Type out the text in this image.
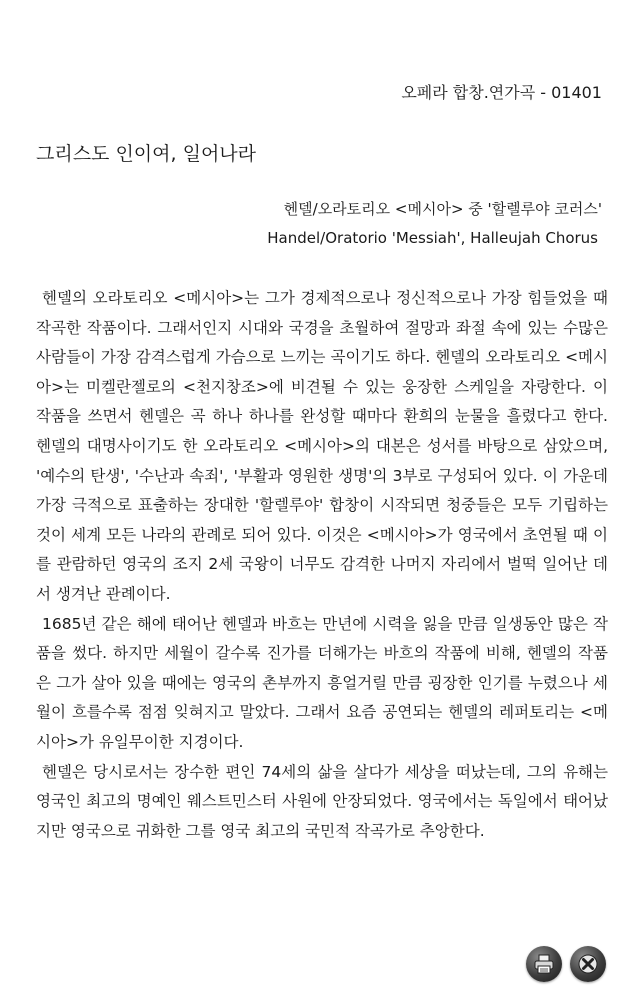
오페라 합창.연가곡 - 01401
그리스도 인이여, 일어나라
헨델/오라토리오 <메시아> 중 '할렐루야 코러스'
Handel/Oratorio 'Messiah', Halleujah Chorus

헨델의 오라토리오 <메시아>는 그가 경제적으로나 정신적으로나 가장 힘들었을 때 작곡한 작품이다. 그래서인지 시대와 국경을 초월하여 절망과 좌절 속에 있는 수많은 사람들이 가장 감격스럽게 가슴으로 느끼는 곡이기도 하다. 헨델의 오라토리오 <메시아>는 미켈란젤로의 <천지창조>에 비견될 수 있는 웅장한 스케일을 자랑한다. 이 작품을 쓰면서 헨델은 곡 하나 하나를 완성할 때마다 환희의 눈물을 흘렸다고 한다. 헨델의 대명사이기도 한 오라토리오 <메시아>의 대본은 성서를 바탕으로 삼았으며, '예수의 탄생', '수난과 속죄', '부활과 영원한 생명'의 3부로 구성되어 있다. 이 가운데 가장 극적으로 표출하는 장대한 '할렐루야' 합창이 시작되면 청중들은 모두 기립하는 것이 세계 모든 나라의 관례로 되어 있다. 이것은 <메시아>가 영국에서 초연될 때 이를 관람하던 영국의 조지 2세 국왕이 너무도 감격한 나머지 자리에서 벌떡 일어난 데서 생겨난 관례이다.

1685년 같은 해에 태어난 헨델과 바흐는 만년에 시력을 잃을 만큼 일생동안 많은 작품을 썼다. 하지만 세월이 갈수록 진가를 더해가는 바흐의 작품에 비해, 헨델의 작품은 그가 살아 있을 때에는 영국의 촌부까지 흥얼거릴 만큼 굉장한 인기를 누렸으나 세월이 흐를수록 점점 잊혀지고 말았다. 그래서 요즘 공연되는 헨델의 레퍼토리는 <메시아>가 유일무이한 지경이다.

헨델은 당시로서는 장수한 편인 74세의 삶을 살다가 세상을 떠났는데, 그의 유해는 영국인 최고의 명예인 웨스트민스터 사원에 안장되었다. 영국에서는 독일에서 태어났지만 영국으로 귀화한 그를 영국 최고의 국민적 작곡가로 추앙한다.
